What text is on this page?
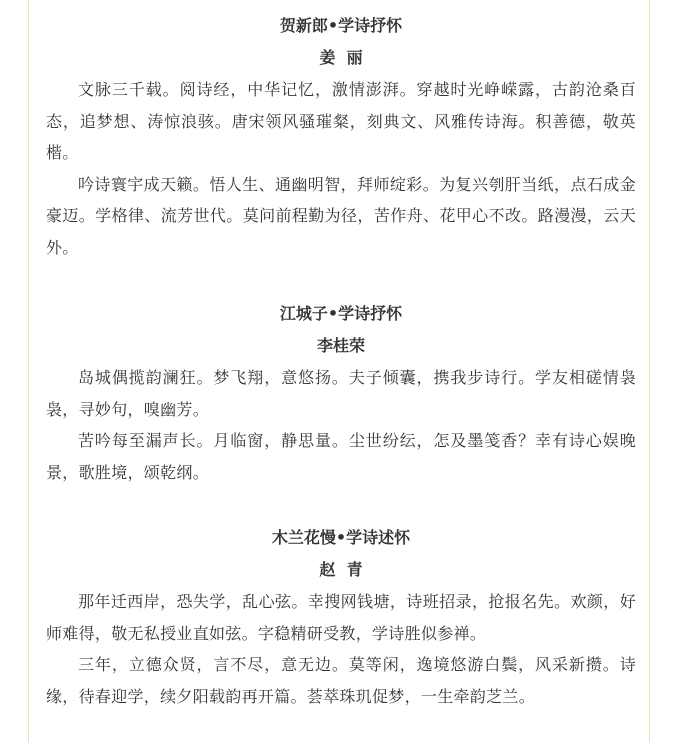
贺新郎•学诗抒怀
姜  丽

文脉三千载。阅诗经，中华记忆，激情澎湃。穿越时光峥嵘露，古韵沧桑百态，追梦想、涛惊浪骇。唐宋领风骚璀粲，刻典文、风雅传诗海。积善德，敬英楷。

吟诗寰宇成天籁。悟人生、通幽明智，拜师绽彩。为复兴刳肝当纸，点石成金豪迈。学格律、流芳世代。莫问前程勤为径，苦作舟、花甲心不改。路漫漫，云天外。

江城子•学诗抒怀
李桂荣

岛城偶揽韵澜狂。梦飞翔，意悠扬。夫子倾囊，携我步诗行。学友相磋情袅袅，寻妙句，嗅幽芳。

苦吟每至漏声长。月临窗，静思量。尘世纷纭，怎及墨笺香？幸有诗心娱晚景，歌胜境，颂乾纲。

木兰花慢•学诗述怀
赵  青

那年迁西岸，恐失学，乱心弦。幸搜网钱塘，诗班招录，抢报名先。欢颜，好师难得，敬无私授业直如弦。字稳精研受教，学诗胜似参禅。

三年，立德众贤，言不尽，意无边。莫等闲，逸境悠游白鬓，风采新攒。诗缘，待春迎学，续夕阳载韵再开篇。荟萃珠玑促梦，一生牵韵芝兰。
